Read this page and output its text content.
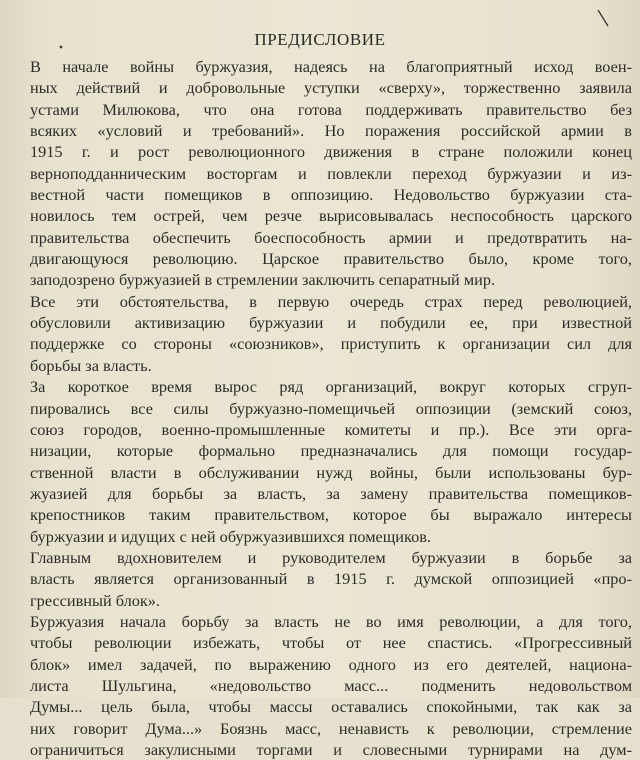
ПРЕДИСЛОВИЕ
В начале войны буржуазия, надеясь на благоприятный исход воен-
ных действий и добровольные уступки «сверху», торжественно заявила
устами Милюкова, что она готова поддерживать правительство без
всяких «условий и требований». Но поражения российской армии в
1915 г. и рост революционного движения в стране положили конец
верноподданническим восторгам и повлекли переход буржуазии и из-
вестной части помещиков в оппозицию. Недовольство буржуазии ста-
новилось тем острей, чем резче вырисовывалась неспособность царского
правительства обеспечить боеспособность армии и предотвратить на-
двигающуюся революцию. Царское правительство было, кроме того,
заподозрено буржуазией в стремлении заключить сепаратный мир.
Все эти обстоятельства, в первую очередь страх перед революцией,
обусловили активизацию буржуазии и побудили ее, при известной
поддержке со стороны «союзников», приступить к организации сил для
борьбы за власть.
За короткое время вырос ряд организаций, вокруг которых сгруп-
пировались все силы буржуазно-помещичьей оппозиции (земский союз,
союз городов, военно-промышленные комитеты и пр.). Все эти орга-
низации, которые формально предназначались для помощи государ-
ственной власти в обслуживании нужд войны, были использованы бур-
жуазией для борьбы за власть, за замену правительства помещиков-
крепостников таким правительством, которое бы выражало интересы
буржуазии и идущих с ней обуржуазившихся помещиков.
Главным вдохновителем и руководителем буржуазии в борьбе за
власть является организованный в 1915 г. думской оппозицией «про-
грессивный блок».
Буржуазия начала борьбу за власть не во имя революции, а для того,
чтобы революции избежать, чтобы от нее спастись. «Прогрессивный
блок» имел задачей, по выражению одного из его деятелей, национа-
листа Шульгина, «недовольство масс... подменить недовольством
Думы... цель была, чтобы массы оставались спокойными, так как за
них говорит Дума...» Боязнь масс, ненависть к революции, стремление
ограничиться закулисными торгами и словесными турнирами на дум-
